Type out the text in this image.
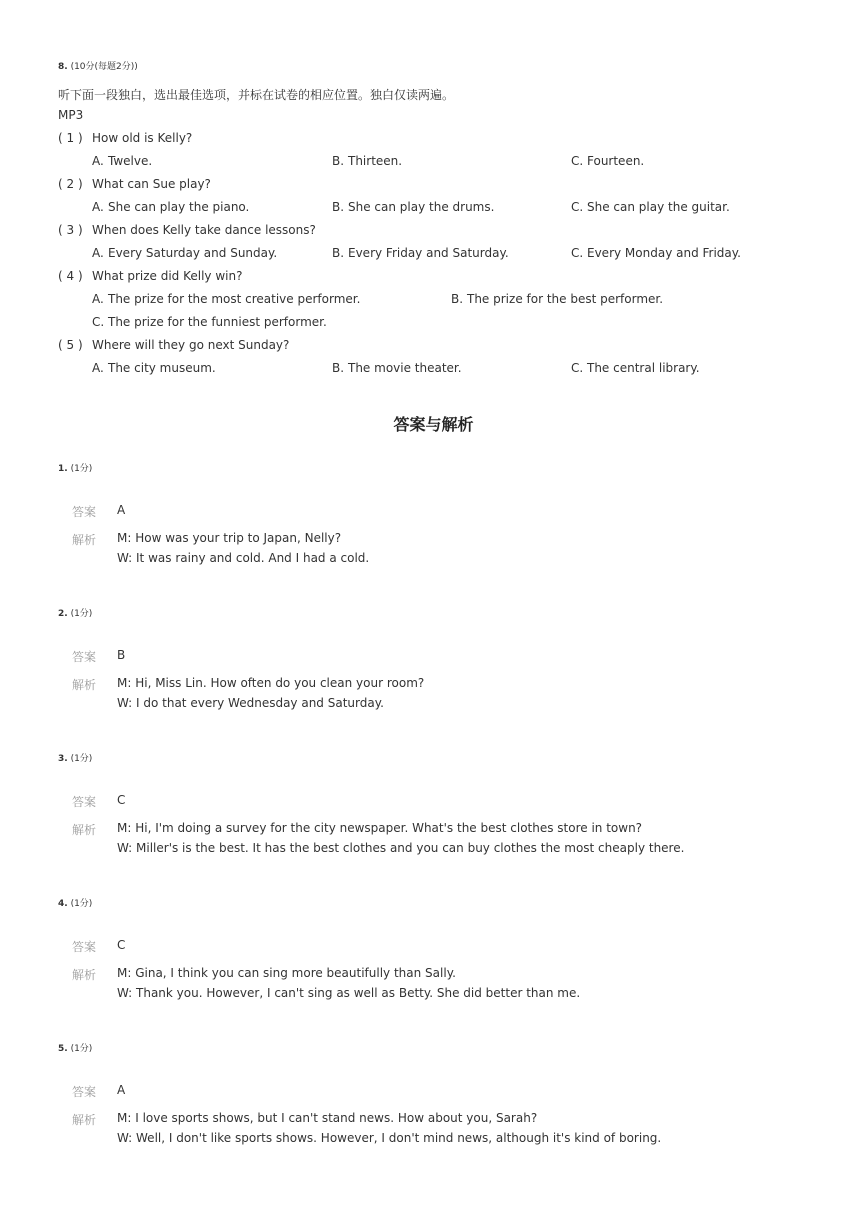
8. (10分(每题2分))
听下面一段独白，选出最佳选项，并标在试卷的相应位置。独白仅读两遍。
MP3
( 1 ) How old is Kelly?
A. Twelve.	B. Thirteen.	C. Fourteen.
( 2 ) What can Sue play?
A. She can play the piano.	B. She can play the drums.	C. She can play the guitar.
( 3 ) When does Kelly take dance lessons?
A. Every Saturday and Sunday.	B. Every Friday and Saturday.	C. Every Monday and Friday.
( 4 ) What prize did Kelly win?
A. The prize for the most creative performer.	B. The prize for the best performer.
C. The prize for the funniest performer.
( 5 ) Where will they go next Sunday?
A. The city museum.	B. The movie theater.	C. The central library.
答案与解析
1. (1分)
答案 A
解析 M: How was your trip to Japan, Nelly?
W: It was rainy and cold. And I had a cold.
2. (1分)
答案 B
解析 M: Hi, Miss Lin. How often do you clean your room?
W: I do that every Wednesday and Saturday.
3. (1分)
答案 C
解析 M: Hi, I'm doing a survey for the city newspaper. What's the best clothes store in town?
W: Miller's is the best. It has the best clothes and you can buy clothes the most cheaply there.
4. (1分)
答案 C
解析 M: Gina, I think you can sing more beautifully than Sally.
W: Thank you. However, I can't sing as well as Betty. She did better than me.
5. (1分)
答案 A
解析 M: I love sports shows, but I can't stand news. How about you, Sarah?
W: Well, I don't like sports shows. However, I don't mind news, although it's kind of boring.
